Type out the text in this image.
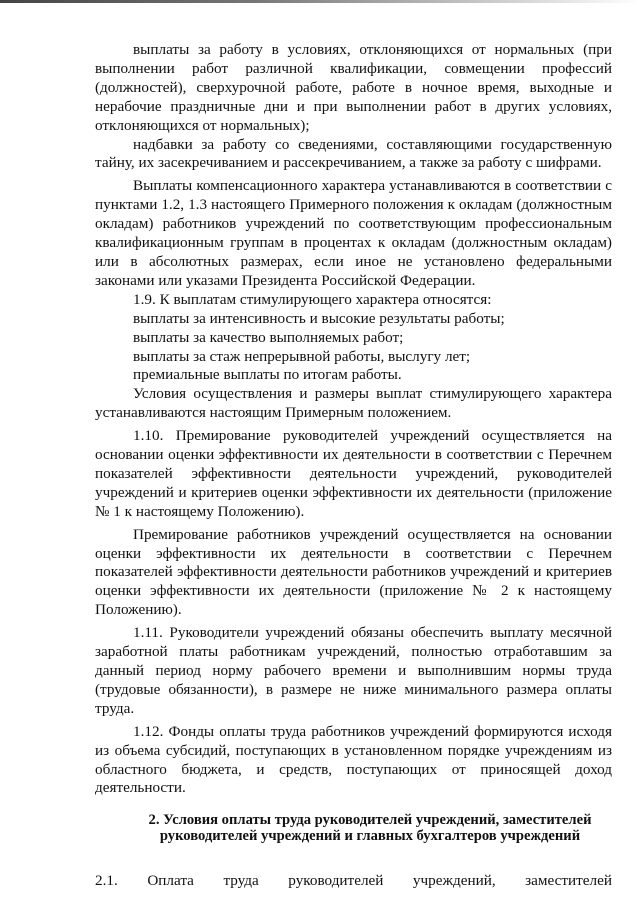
выплаты за работу в условиях, отклоняющихся от нормальных (при выполнении работ различной квалификации, совмещении профессий (должностей), сверхурочной работе, работе в ночное время, выходные и нерабочие праздничные дни и при выполнении работ в других условиях, отклоняющихся от нормальных);

надбавки за работу со сведениями, составляющими государственную тайну, их засекречиванием и рассекречиванием, а также за работу с шифрами.

Выплаты компенсационного характера устанавливаются в соответствии с пунктами 1.2, 1.3 настоящего Примерного положения к окладам (должностным окладам) работников учреждений по соответствующим профессиональным квалификационным группам в процентах к окладам (должностным окладам) или в абсолютных размерах, если иное не установлено федеральными законами или указами Президента Российской Федерации.

1.9. К выплатам стимулирующего характера относятся:

выплаты за интенсивность и высокие результаты работы;

выплаты за качество выполняемых работ;

выплаты за стаж непрерывной работы, выслугу лет;

премиальные выплаты по итогам работы.

Условия осуществления и размеры выплат стимулирующего характера устанавливаются настоящим Примерным положением.

1.10. Премирование руководителей учреждений осуществляется на основании оценки эффективности их деятельности в соответствии с Перечнем показателей эффективности деятельности учреждений, руководителей учреждений и критериев оценки эффективности их деятельности (приложение № 1 к настоящему Положению).

Премирование работников учреждений осуществляется на основании оценки эффективности их деятельности в соответствии с Перечнем показателей эффективности деятельности работников учреждений и критериев оценки эффективности их деятельности (приложение № 2 к настоящему Положению).

1.11. Руководители учреждений обязаны обеспечить выплату месячной заработной платы работникам учреждений, полностью отработавшим за данный период норму рабочего времени и выполнившим нормы труда (трудовые обязанности), в размере не ниже минимального размера оплаты труда.

1.12. Фонды оплаты труда работников учреждений формируются исходя из объема субсидий, поступающих в установленном порядке учреждениям из областного бюджета, и средств, поступающих от приносящей доход деятельности.

2. Условия оплаты труда руководителей учреждений, заместителей руководителей учреждений и главных бухгалтеров учреждений
2.1. Оплата труда руководителей учреждений, заместителей
